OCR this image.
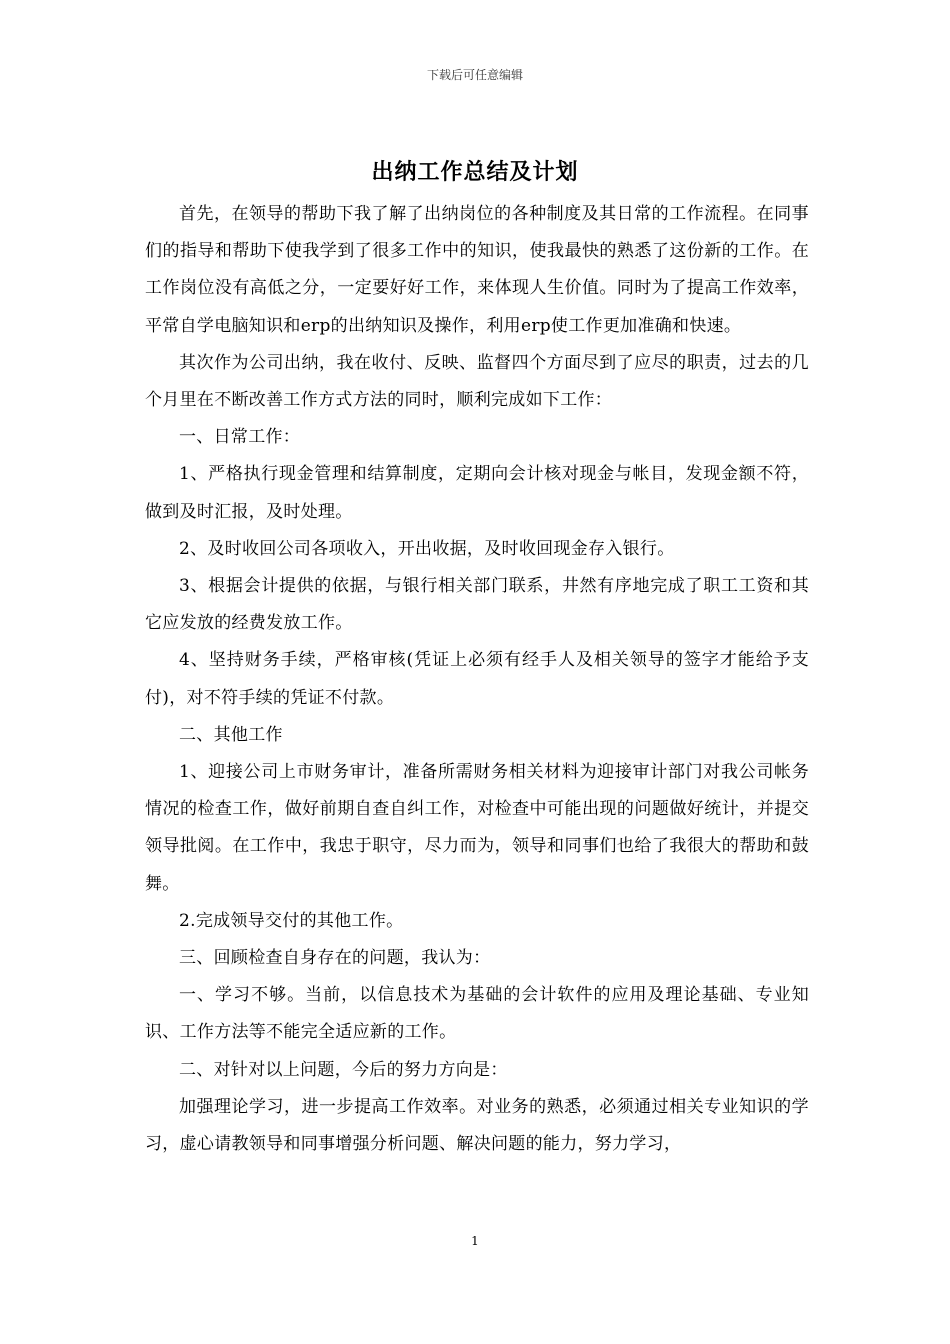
下载后可任意编辑
出纳工作总结及计划

首先，在领导的帮助下我了解了出纳岗位的各种制度及其日常的工作流程。在同事们的指导和帮助下使我学到了很多工作中的知识，使我最快的熟悉了这份新的工作。在工作岗位没有高低之分，一定要好好工作，来体现人生价值。同时为了提高工作效率，平常自学电脑知识和erp的出纳知识及操作，利用erp使工作更加准确和快速。

其次作为公司出纳，我在收付、反映、监督四个方面尽到了应尽的职责，过去的几个月里在不断改善工作方式方法的同时，顺利完成如下工作：

一、日常工作：

1、严格执行现金管理和结算制度，定期向会计核对现金与帐目，发现金额不符，做到及时汇报，及时处理。

2、及时收回公司各项收入，开出收据，及时收回现金存入银行。

3、根据会计提供的依据，与银行相关部门联系，井然有序地完成了职工工资和其它应发放的经费发放工作。

4、坚持财务手续，严格审核(凭证上必须有经手人及相关领导的签字才能给予支付)，对不符手续的凭证不付款。

二、其他工作

1、迎接公司上市财务审计，准备所需财务相关材料为迎接审计部门对我公司帐务情况的检查工作，做好前期自查自纠工作，对检查中可能出现的问题做好统计，并提交领导批阅。在工作中，我忠于职守，尽力而为，领导和同事们也给了我很大的帮助和鼓舞。

2.完成领导交付的其他工作。

三、回顾检查自身存在的问题，我认为：

一、学习不够。当前，以信息技术为基础的会计软件的应用及理论基础、专业知识、工作方法等不能完全适应新的工作。

二、对针对以上问题，今后的努力方向是：

加强理论学习，进一步提高工作效率。对业务的熟悉，必须通过相关专业知识的学习，虚心请教领导和同事增强分析问题、解决问题的能力，努力学习，

1
